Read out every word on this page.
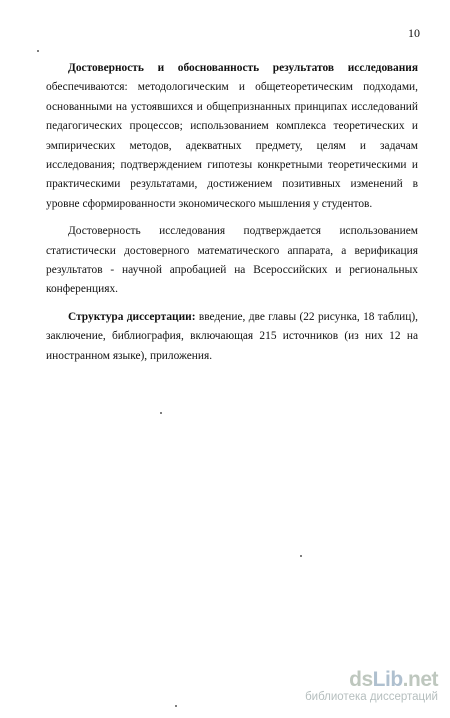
10

Достоверность и обоснованность результатов исследования обеспечиваются: методологическим и общетеоретическим подходами, основанными на устоявшихся и общепризнанных принципах исследований педагогических процессов; использованием комплекса теоретических и эмпирических методов, адекватных предмету, целям и задачам исследования; подтверждением гипотезы конкретными теоретическими и практическими результатами, достижением позитивных изменений в уровне сформированности экономического мышления у студентов.

Достоверность исследования подтверждается использованием статистически достоверного математического аппарата, а верификация результатов - научной апробацией на Всероссийских и региональных конференциях.

Структура диссертации: введение, две главы (22 рисунка, 18 таблиц), заключение, библиография, включающая 215 источников (из них 12 на иностранном языке), приложения.

dsLib.net
библиотека диссертаций
